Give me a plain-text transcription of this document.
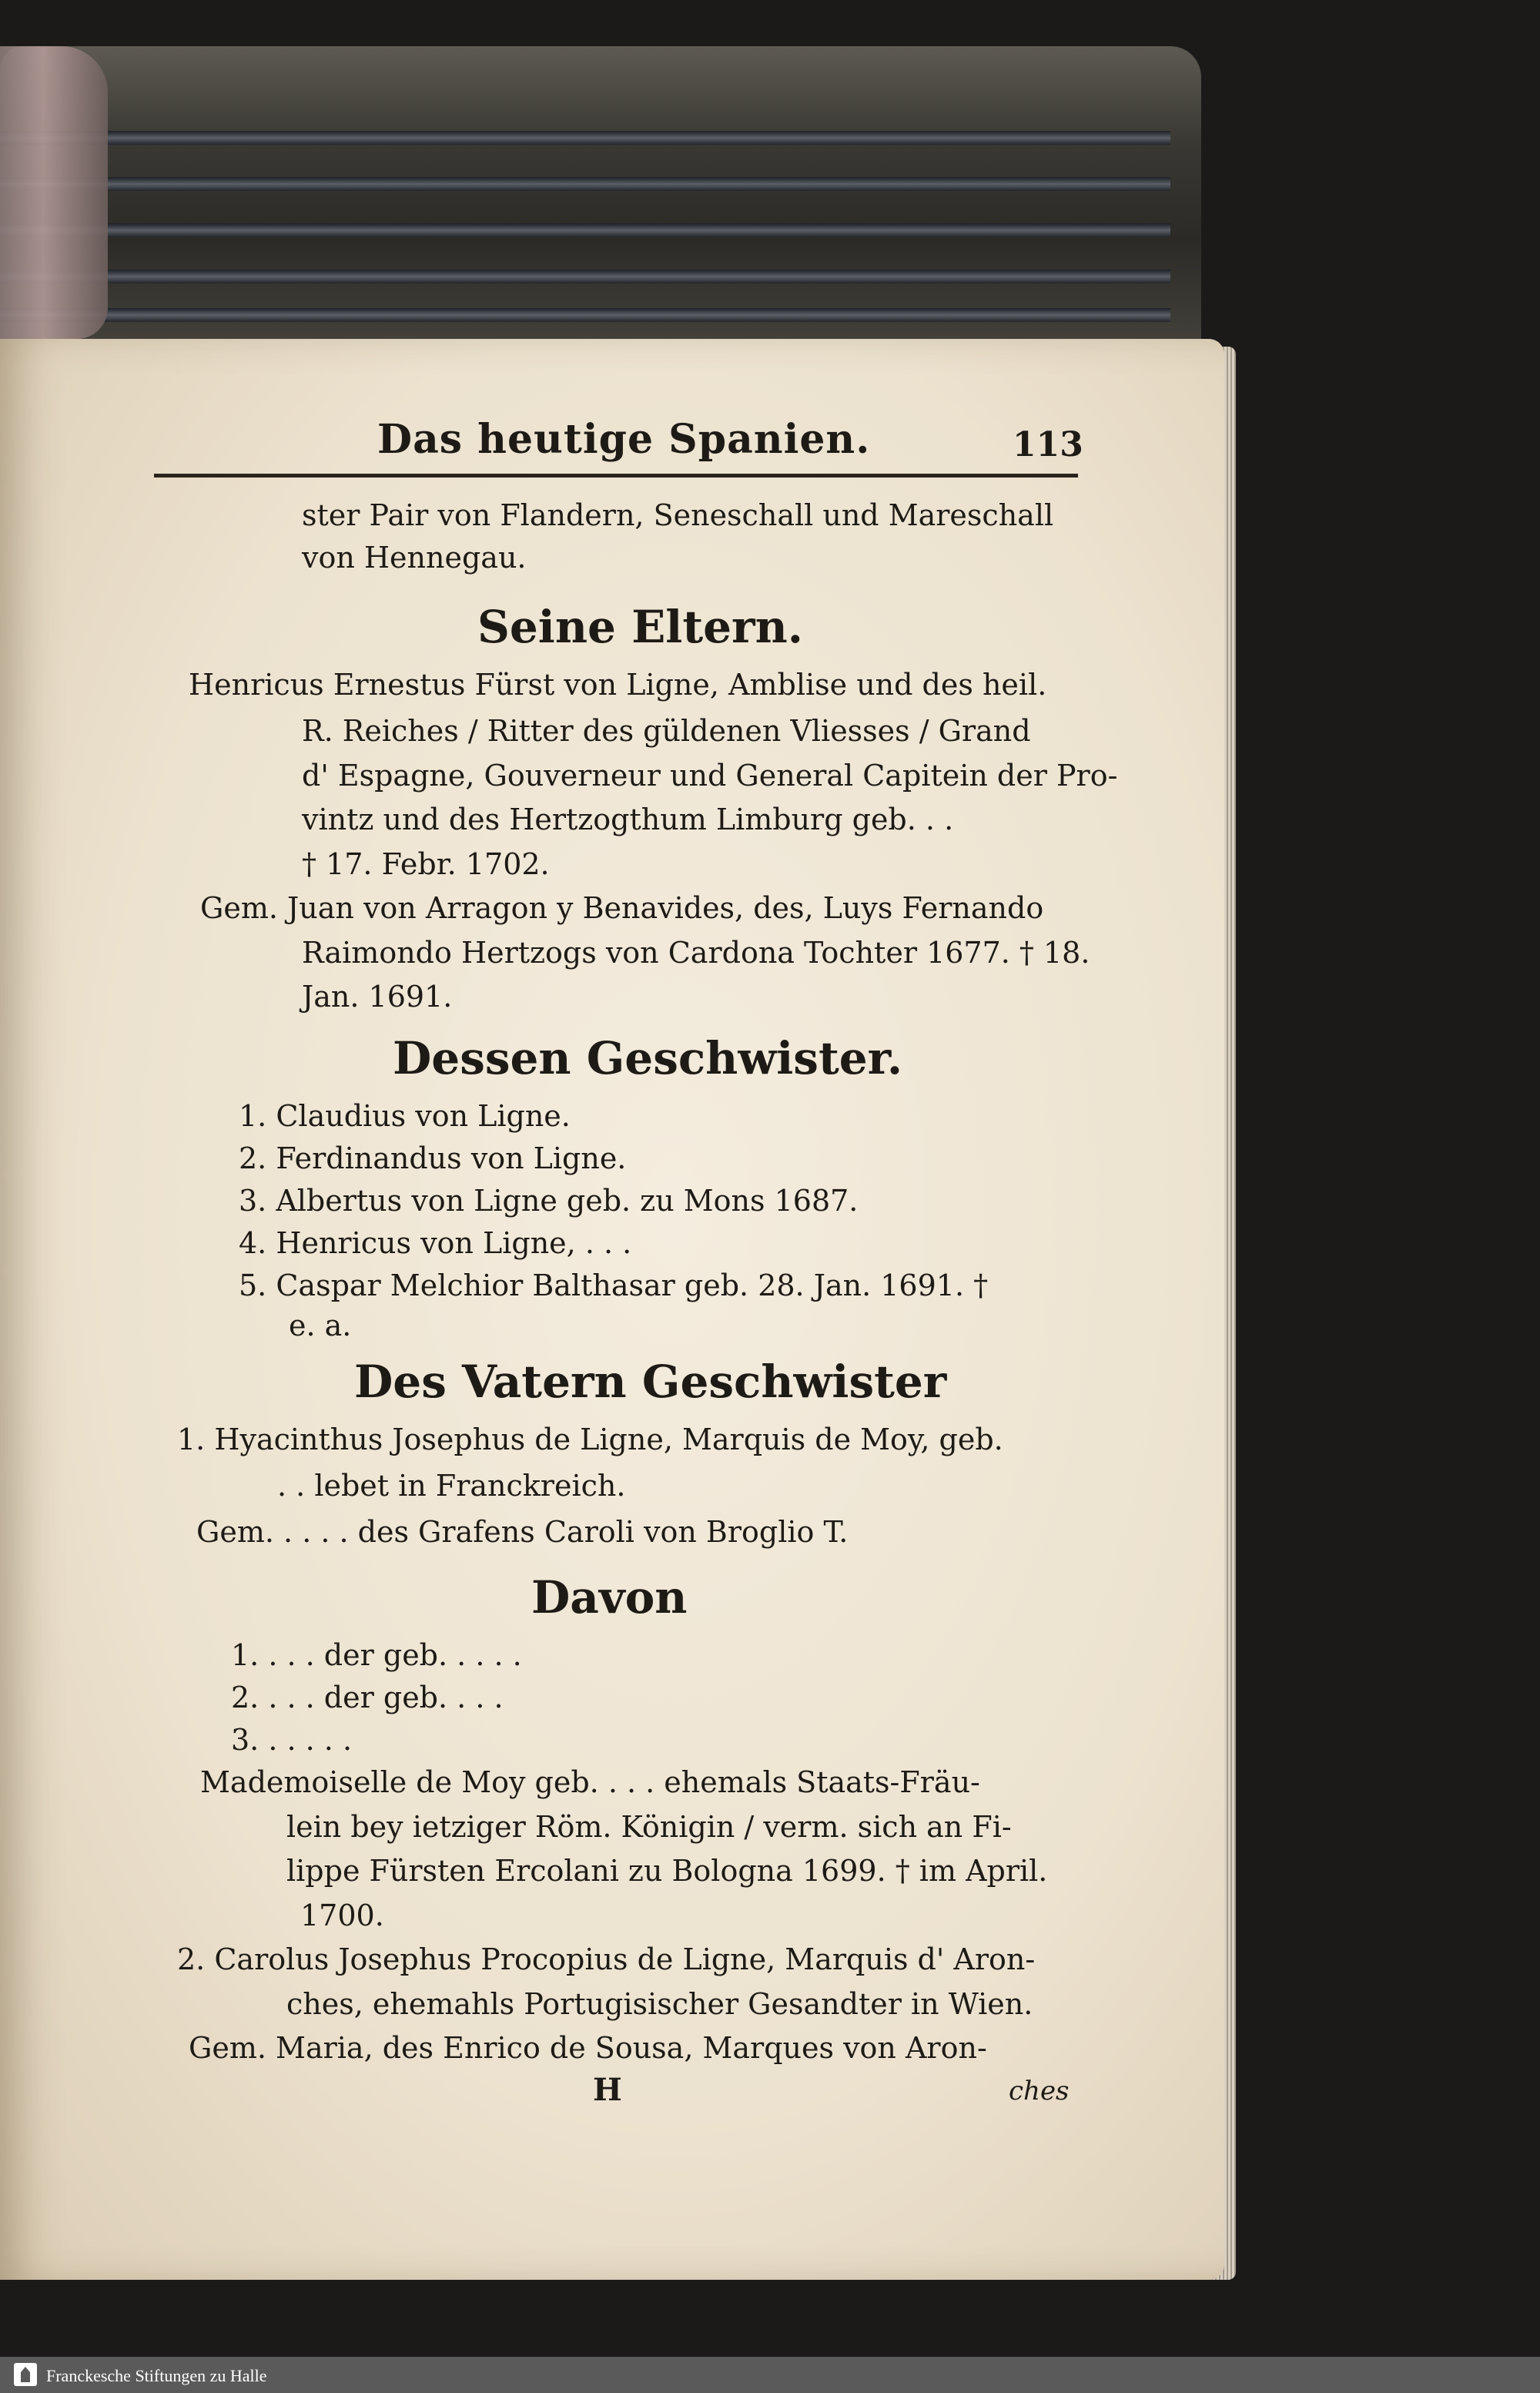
Das heutige Spanien.	113
ster Pair von Flandern, Seneschall und Mareschall
von Hennegau.
Seine Eltern.
Henricus Ernestus Fürst von Ligne, Amblise und des heil.
R. Reiches / Ritter des güldenen Vliesses / Grand
d' Espagne, Gouverneur und General Capitein der Pro-
vintz und des Hertzogthum Limburg geb. . .
† 17. Febr. 1702.
Gem. Juan von Arragon y Benavides, des, Luys Fernando
Raimondo Hertzogs von Cardona Tochter 1677. † 18.
Jan. 1691.
Dessen Geschwister.
1. Claudius von Ligne.
2. Ferdinandus von Ligne.
3. Albertus von Ligne geb. zu Mons 1687.
4. Henricus von Ligne, . . .
5. Caspar Melchior Balthasar geb. 28. Jan. 1691. †
e. a.
Des Vatern Geschwister
1. Hyacinthus Josephus de Ligne, Marquis de Moy, geb.
. . lebet in Franckreich.
Gem. . . . . des Grafens Caroli von Broglio T.
Davon
1. . . . der geb. . . . .
2. . . . der geb. . . .
3. . . . . .
Mademoiselle de Moy geb. . . . ehemals Staats-Fräu-
lein bey ietziger Röm. Königin / verm. sich an Fi-
lippe Fürsten Ercolani zu Bologna 1699. † im April.
1700.
2. Carolus Josephus Procopius de Ligne, Marquis d' Aron-
ches, ehemahls Portugisischer Gesandter in Wien.
Gem. Maria, des Enrico de Sousa, Marques von Aron-
H	ches
Franckesche Stiftungen zu Halle
